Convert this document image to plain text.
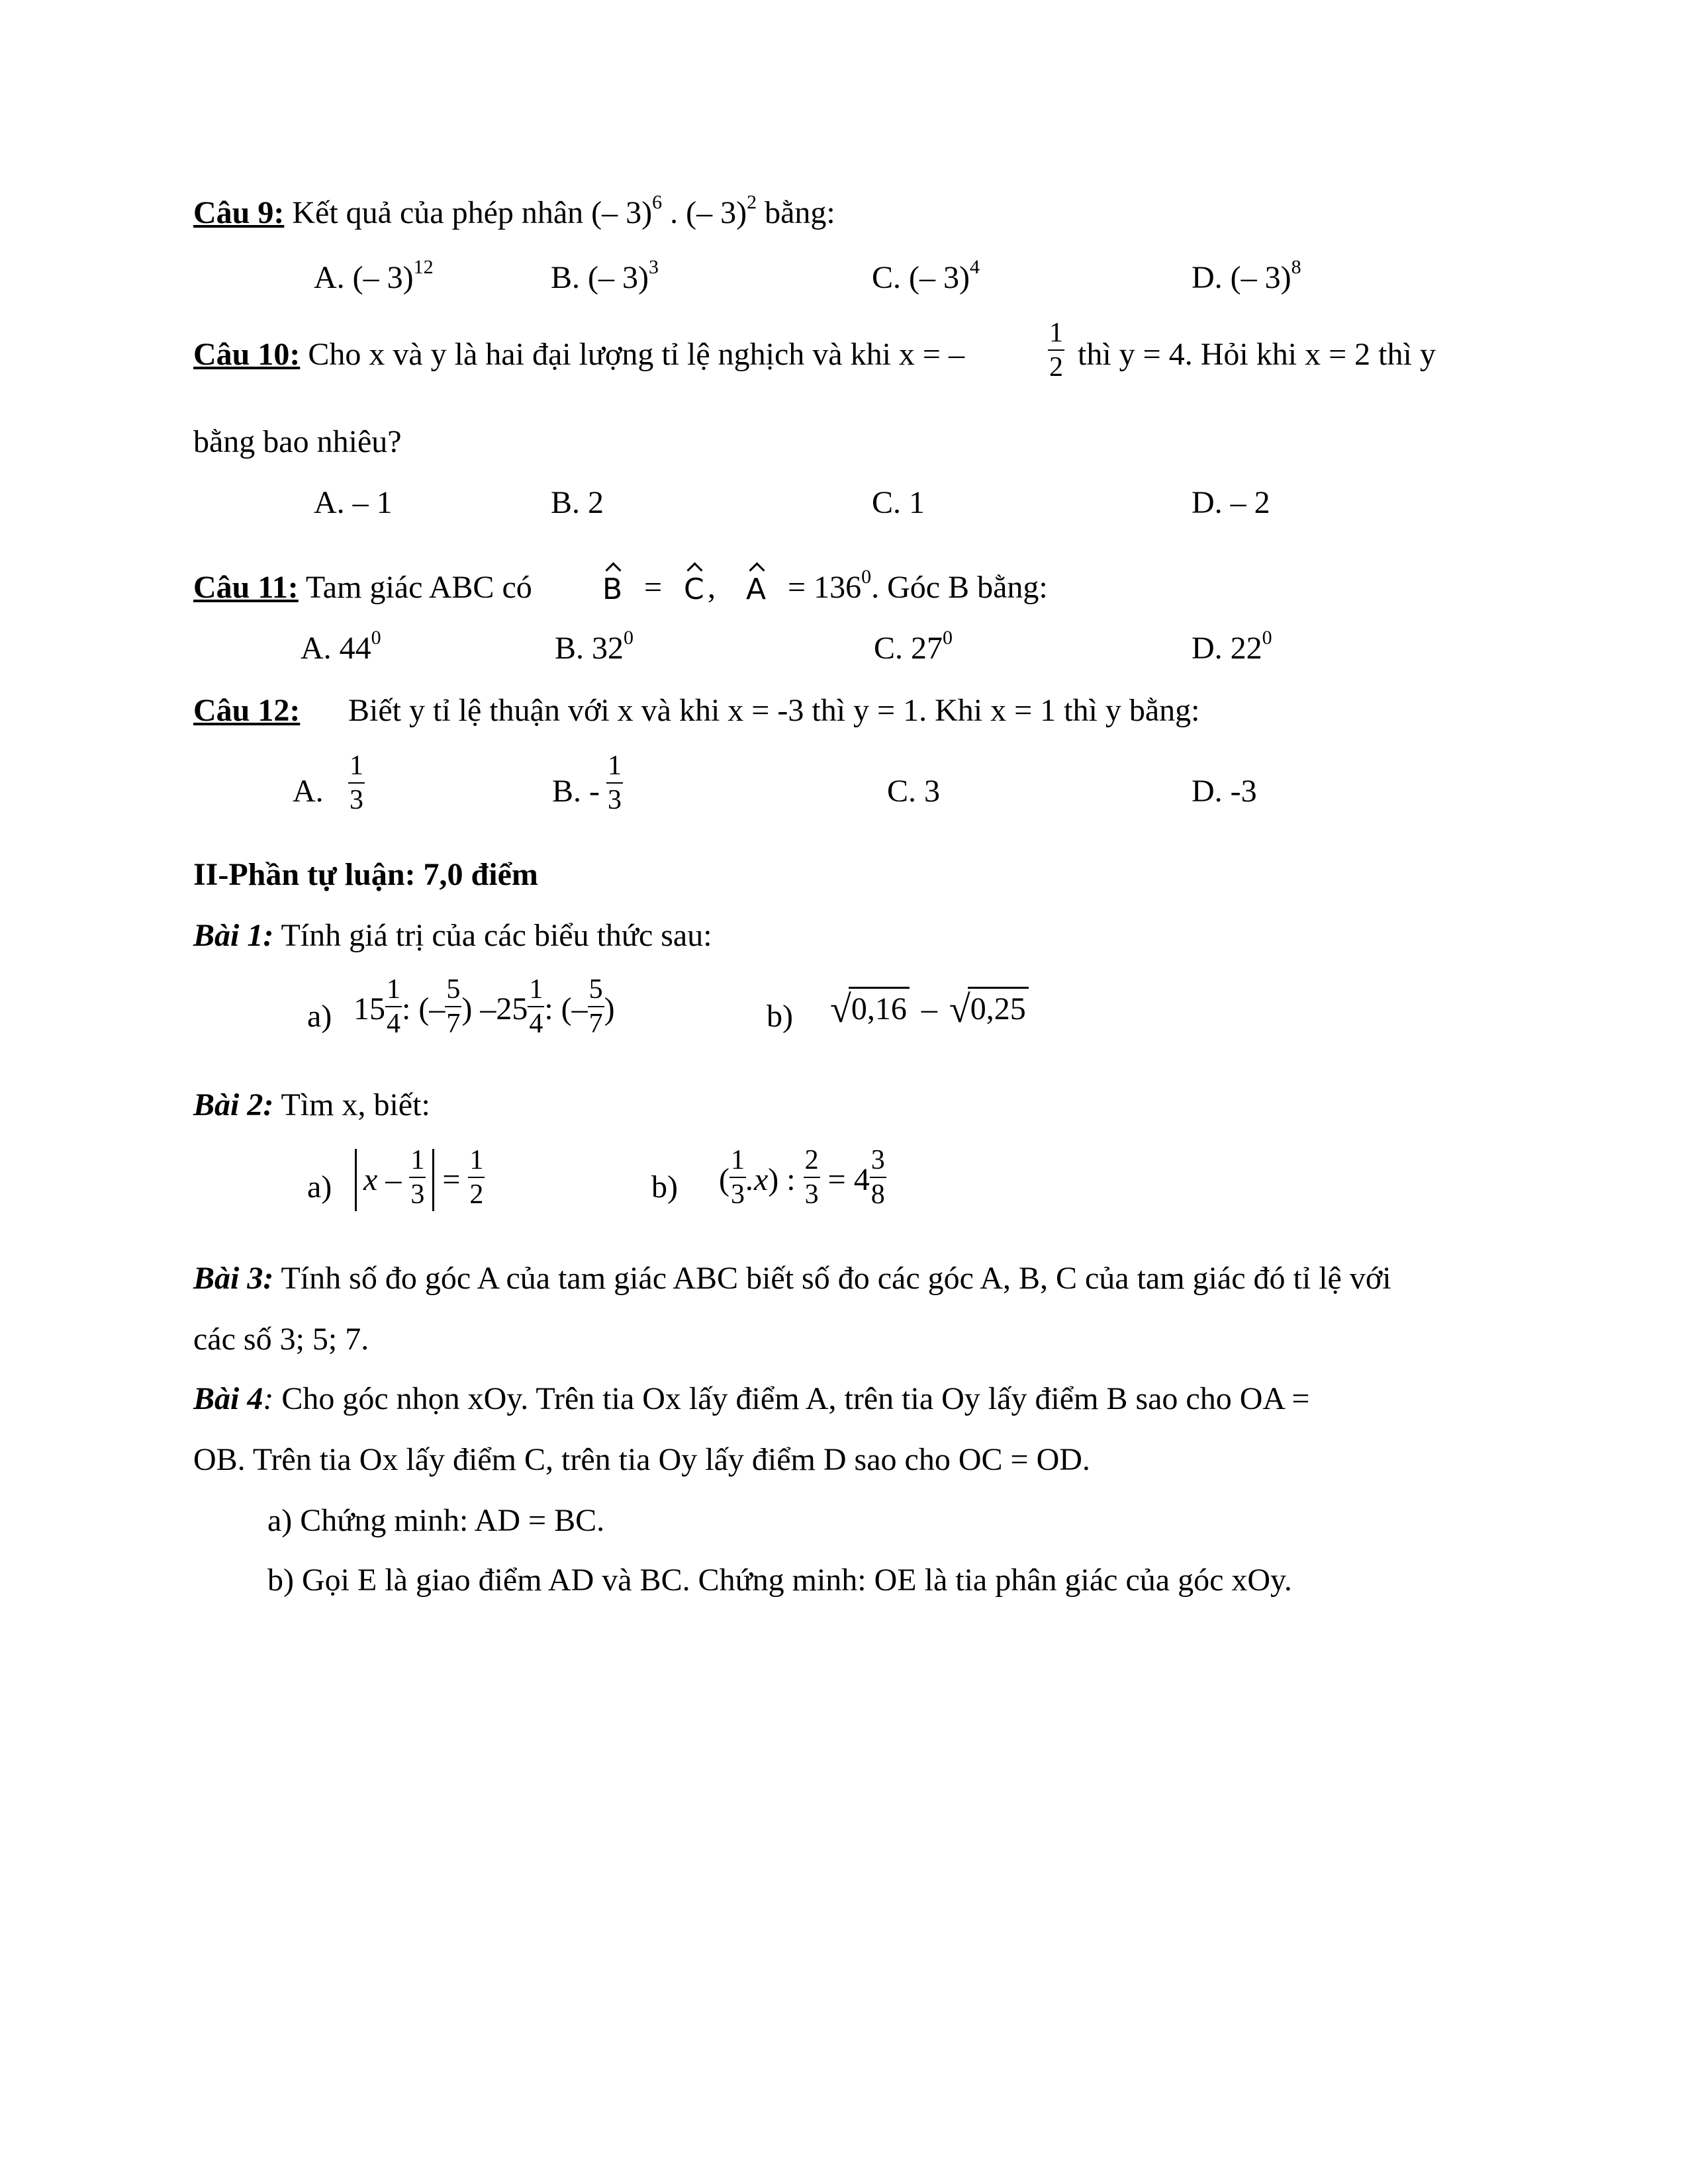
Câu 9: Kết quả của phép nhân (– 3)$^6$ . (– 3)$^2$ bằng:
A. (– 3)$^{12}$	B. (– 3)$^3$	C. (– 3)$^4$	D. (– 3)$^8$
Câu 10: Cho x và y là hai đại lượng tỉ lệ nghịch và khi x = –	$\frac{1}{2}$ thì y = 4. Hỏi khi x = 2 thì y
bằng bao nhiêu?
A. – 1	B. 2	C. 1	D. – 2
Câu 11: Tam giác ABC có B = C , $A = 136^0$. Góc B bằng:
A. $44^0$	B. $32^0$	C. $27^0$	D. $22^0$
Câu 12: Biết y tỉ lệ thuận với x và khi x = -3 thì y = 1. Khi x = 1 thì y bằng:
A. $\frac{1}{3}$	B. - $\frac{1}{3}$	C. 3	D. -3
II-Phần tự luận: 7,0 điểm
Bài 1: Tính giá trị của các biểu thức sau:
a) $15 \frac{1}{4}$ : (– $\frac{5}{7}$ ) $-25 \frac{1}{4}$ : (– $\frac{5}{7}$ )	b) √0,16 – √0,25
Bài 2: Tìm x, biết:
a) $x - \frac{1}{3} = \frac{1}{2}$	b) ( $\frac{1}{3} .x$) : $\frac{2}{3} = 4 \frac{3}{8}$
Bài 3: Tính số đo góc A của tam giác ABC biết số đo các góc A, B, C của tam giác đó tỉ lệ với
các số 3; 5; 7.
Bài 4: Cho góc nhọn xOy. Trên tia Ox lấy điểm A, trên tia Oy lấy điểm B sao cho OA =
OB. Trên tia Ox lấy điểm C, trên tia Oy lấy điểm D sao cho OC = OD.
a) Chứng minh: AD = BC.
b) Gọi E là giao điểm AD và BC. Chứng minh: OE là tia phân giác của góc xOy.
